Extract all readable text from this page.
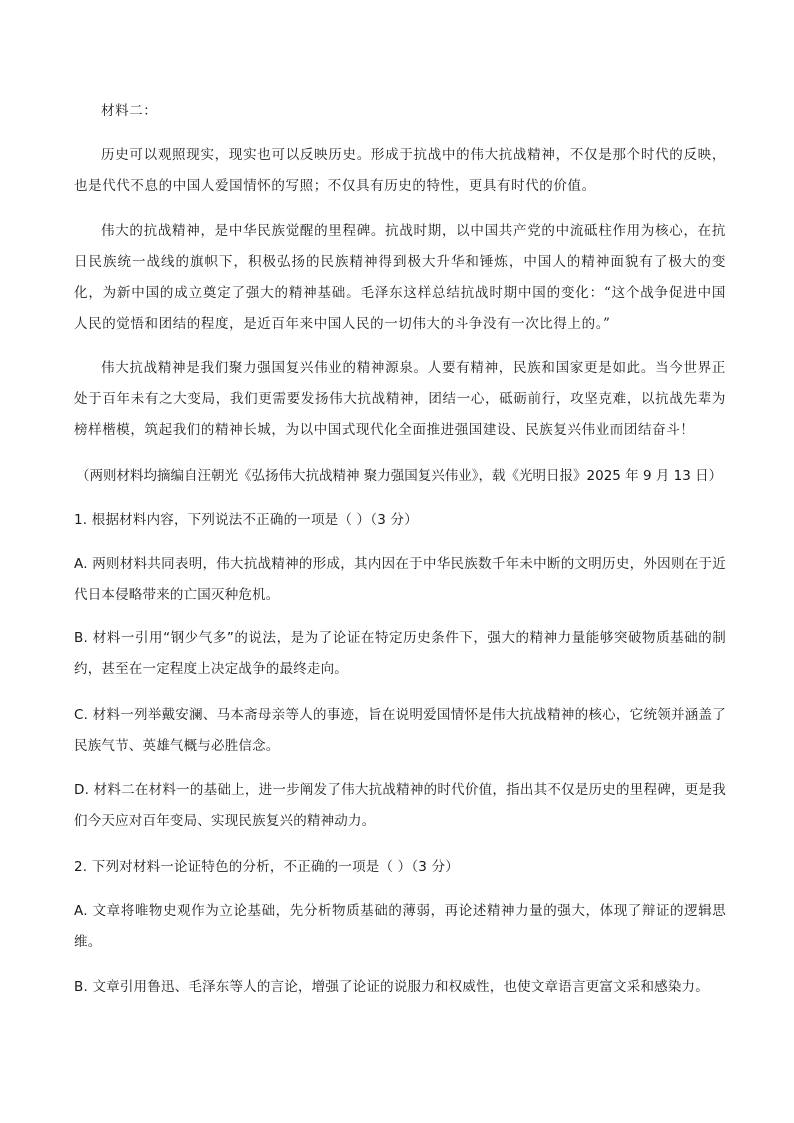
材料二：
历史可以观照现实，现实也可以反映历史。形成于抗战中的伟大抗战精神，不仅是那个时代的反映，也是代代不息的中国人爱国情怀的写照；不仅具有历史的特性，更具有时代的价值。
伟大的抗战精神，是中华民族觉醒的里程碑。抗战时期，以中国共产党的中流砥柱作用为核心，在抗日民族统一战线的旗帜下，积极弘扬的民族精神得到极大升华和锤炼，中国人的精神面貌有了极大的变化，为新中国的成立奠定了强大的精神基础。毛泽东这样总结抗战时期中国的变化：“这个战争促进中国人民的觉悟和团结的程度，是近百年来中国人民的一切伟大的斗争没有一次比得上的。”
伟大抗战精神是我们聚力强国复兴伟业的精神源泉。人要有精神，民族和国家更是如此。当今世界正处于百年未有之大变局，我们更需要发扬伟大抗战精神，团结一心，砥砺前行，攻坚克难，以抗战先辈为榜样楷模，筑起我们的精神长城，为以中国式现代化全面推进强国建设、民族复兴伟业而团结奋斗！
（两则材料均摘编自汪朝光《弘扬伟大抗战精神 聚力强国复兴伟业》，载《光明日报》2025 年 9 月 13 日）
1. 根据材料内容，下列说法不正确的一项是（ ）（3 分）
A. 两则材料共同表明，伟大抗战精神的形成，其内因在于中华民族数千年未中断的文明历史，外因则在于近代日本侵略带来的亡国灭种危机。
B. 材料一引用“钢少气多”的说法，是为了论证在特定历史条件下，强大的精神力量能够突破物质基础的制约，甚至在一定程度上决定战争的最终走向。
C. 材料一列举戴安澜、马本斋母亲等人的事迹，旨在说明爱国情怀是伟大抗战精神的核心，它统领并涵盖了民族气节、英雄气概与必胜信念。
D. 材料二在材料一的基础上，进一步阐发了伟大抗战精神的时代价值，指出其不仅是历史的里程碑，更是我们今天应对百年变局、实现民族复兴的精神动力。
2. 下列对材料一论证特色的分析，不正确的一项是（ ）（3 分）
A. 文章将唯物史观作为立论基础，先分析物质基础的薄弱，再论述精神力量的强大，体现了辩证的逻辑思维。
B. 文章引用鲁迅、毛泽东等人的言论，增强了论证的说服力和权威性，也使文章语言更富文采和感染力。
